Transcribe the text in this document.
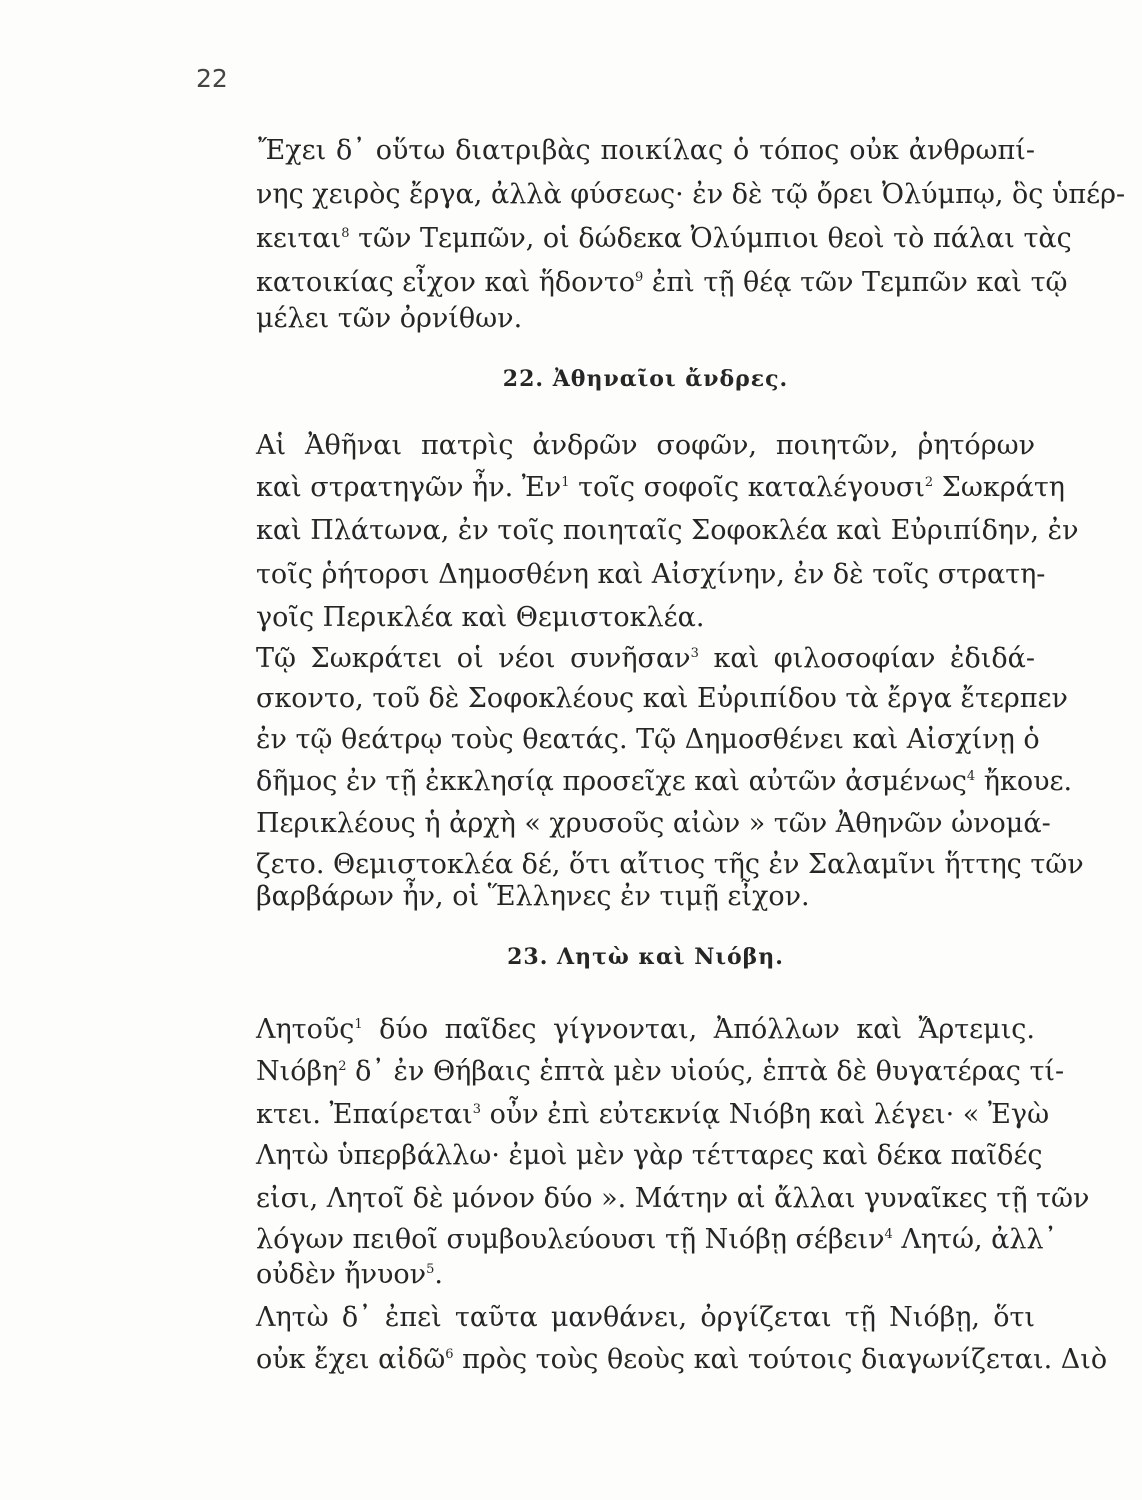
22
Ἔχει δ᾽ οὕτω διατριβὰς ποικίλας ὁ τόπος οὐκ ἀνθρωπί-
νης χειρὸς ἔργα, ἀλλὰ φύσεως· ἐν δὲ τῷ ὄρει Ὀλύμπῳ, ὃς ὑπέρ-
κειται$^8$ τῶν Τεμπῶν, οἱ δώδεκα Ὀλύμπιοι θεοὶ τὸ πάλαι τὰς
κατοικίας εἶχον καὶ ἥδοντο$^9$ ἐπὶ τῇ θέᾳ τῶν Τεμπῶν καὶ τῷ
μέλει τῶν ὀρνίθων.
22. Ἀθηναῖοι ἄνδρες.
Αἱ Ἀθῆναι πατρὶς ἀνδρῶν σοφῶν, ποιητῶν, ῥητόρων
καὶ στρατηγῶν ἦν. Ἐν$^1$ τοῖς σοφοῖς καταλέγουσι$^2$ Σωκράτη
καὶ Πλάτωνα, ἐν τοῖς ποιηταῖς Σοφοκλέα καὶ Εὐριπίδην, ἐν
τοῖς ῥήτορσι Δημοσθένη καὶ Αἰσχίνην, ἐν δὲ τοῖς στρατη-
γοῖς Περικλέα καὶ Θεμιστοκλέα.
Τῷ Σωκράτει οἱ νέοι συνῆσαν$^3$ καὶ φιλοσοφίαν ἐδιδά-
σκοντο, τοῦ δὲ Σοφοκλέους καὶ Εὐριπίδου τὰ ἔργα ἔτερπεν
ἐν τῷ θεάτρῳ τοὺς θεατάς. Τῷ Δημοσθένει καὶ Αἰσχίνῃ ὁ
δῆμος ἐν τῇ ἐκκλησίᾳ προσεῖχε καὶ αὐτῶν ἀσμένως$^4$ ἤκουε.
Περικλέους ἡ ἀρχὴ « χρυσοῦς αἰὼν » τῶν Ἀθηνῶν ὠνομά-
ζετο. Θεμιστοκλέα δέ, ὅτι αἴτιος τῆς ἐν Σαλαμῖνι ἥττης τῶν
βαρβάρων ἦν, οἱ Ἕλληνες ἐν τιμῇ εἶχον.
23. Λητὼ καὶ Νιόβη.
Λητοῦς$^1$ δύο παῖδες γίγνονται, Ἀπόλλων καὶ Ἄρτεμις.
Νιόβη$^2$ δ᾽ ἐν Θήβαις ἑπτὰ μὲν υἱούς, ἑπτὰ δὲ θυγατέρας τί-
κτει. Ἐπαίρεται$^3$ οὖν ἐπὶ εὐτεκνίᾳ Νιόβη καὶ λέγει· « Ἐγὼ
Λητὼ ὑπερβάλλω· ἐμοὶ μὲν γὰρ τέτταρες καὶ δέκα παῖδές
εἰσι, Λητοῖ δὲ μόνον δύο ». Μάτην αἱ ἄλλαι γυναῖκες τῇ τῶν
λόγων πειθοῖ συμβουλεύουσι τῇ Νιόβῃ σέβειν$^4$ Λητώ, ἀλλ᾽
οὐδὲν ἤνυον$^5$.
Λητὼ δ᾽ ἐπεὶ ταῦτα μανθάνει, ὀργίζεται τῇ Νιόβῃ, ὅτι
οὐκ ἔχει αἰδῶ$^6$ πρὸς τοὺς θεοὺς καὶ τούτοις διαγωνίζεται. Διὸ
